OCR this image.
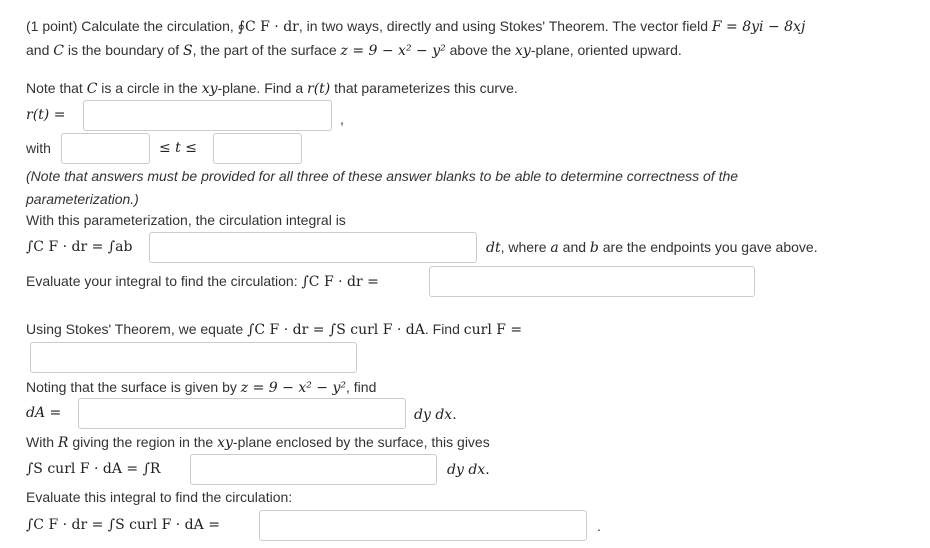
(1 point) Calculate the circulation, ∮C F · dr, in two ways, directly and using Stokes' Theorem. The vector field F = 8yi − 8xj
and C is the boundary of S, the part of the surface z = 9 − x² − y² above the xy-plane, oriented upward.
Note that C is a circle in the xy-plane. Find a r(t) that parameterizes this curve.
r(t) =	,
with	≤ t ≤
(Note that answers must be provided for all three of these answer blanks to be able to determine correctness of the
parameterization.)
With this parameterization, the circulation integral is
∫C F · dr = ∫ab	dt, where a and b are the endpoints you gave above.
Evaluate your integral to find the circulation: ∫C F · dr =
Using Stokes' Theorem, we equate ∫C F · dr = ∫S curl F · dA. Find curl F =
Noting that the surface is given by z = 9 − x² − y², find
dA =	dy dx.
With R giving the region in the xy-plane enclosed by the surface, this gives
∫S curl F · dA = ∫R	dy dx.
Evaluate this integral to find the circulation:
∫C F · dr = ∫S curl F · dA =	.
